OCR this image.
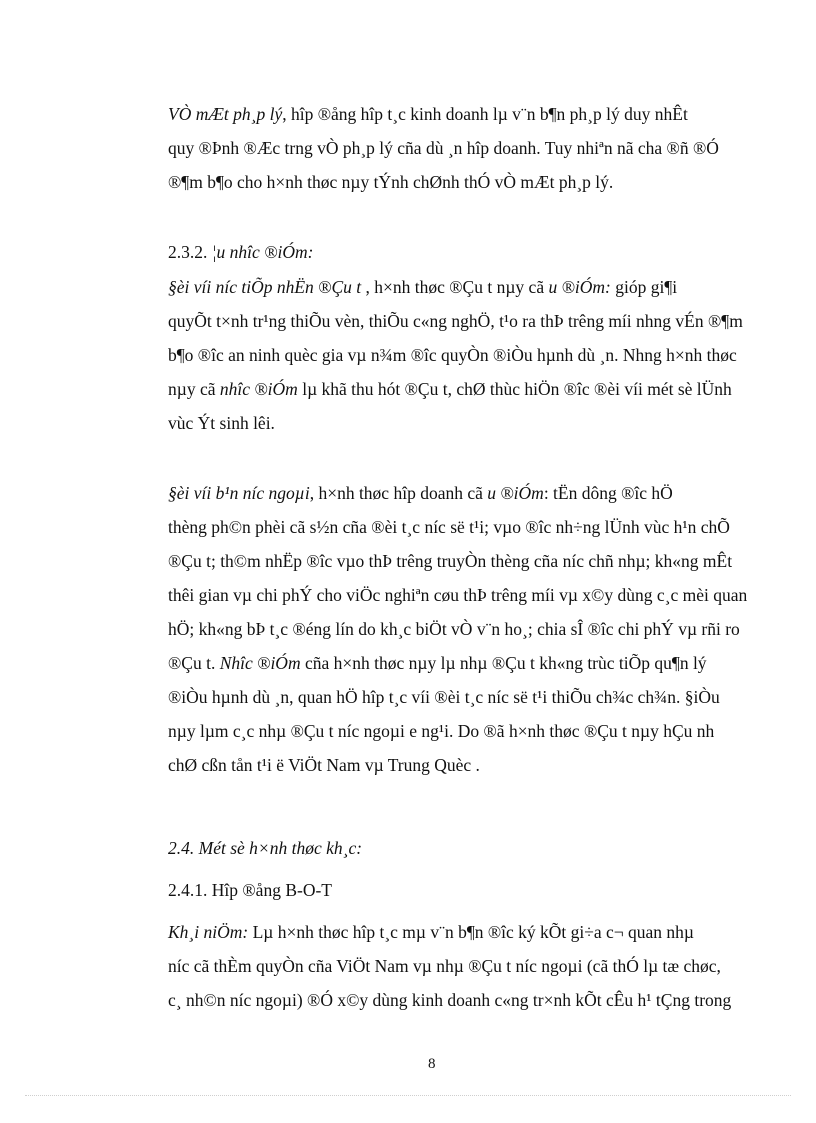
VÒ mÆt ph¸p lý, hîp ®ång hîp t¸c kinh doanh lµ v¨n b¶n ph¸p lý duy nhÊt
quy ®Þnh ®Æc trng vÒ ph¸p lý cña dù ¸n hîp doanh. Tuy nhiªn nã cha ®ñ ®Ó
®¶m b¶o cho h×nh thøc nµy tÝnh chØnh thÓ vÒ mÆt ph¸p lý.
2.3.2. ¦u nhîc ®iÓm:
§èi víi níc tiÕp nhËn ®Çu t , h×nh thøc ®Çu t nµy cã u ®iÓm: gióp gi¶i
quyÕt t×nh tr¹ng thiÕu vèn, thiÕu c«ng nghÖ, t¹o ra thÞ trêng míi nhng vÉn ®¶m
b¶o ®îc an ninh quèc gia vµ n¾m ®îc quyÒn ®iÒu hµnh dù ¸n. Nhng h×nh thøc
nµy cã nhîc ®iÓm lµ khã thu hót ®Çu t, chØ thùc hiÖn ®îc ®èi víi mét sè lÜnh
vùc Ýt sinh lêi.
§èi víi b¹n níc ngoµi, h×nh thøc hîp doanh cã u ®iÓm: tËn dông ®îc hÖ
thèng ph©n phèi cã s½n cña ®èi t¸c níc së t¹i; vµo ®îc nh÷ng lÜnh vùc h¹n chÕ
®Çu t; th©m nhËp ®îc vµo thÞ trêng truyÒn thèng cña níc chñ nhµ; kh«ng mÊt
thêi gian vµ chi phÝ cho viÖc nghiªn cøu thÞ trêng míi vµ x©y dùng c¸c mèi quan
hÖ; kh«ng bÞ t¸c ®éng lín do kh¸c biÖt vÒ v¨n ho¸; chia sÎ ®îc chi phÝ vµ rñi ro
®Çu t. Nhîc ®iÓm cña h×nh thøc nµy lµ nhµ ®Çu t kh«ng trùc tiÕp qu¶n lý
®iÒu hµnh dù ¸n, quan hÖ hîp t¸c víi ®èi t¸c níc së t¹i thiÕu ch¾c ch¾n. §iÒu
nµy lµm c¸c nhµ ®Çu t níc ngoµi e ng¹i. Do ®ã h×nh thøc ®Çu t nµy hÇu nh
chØ cßn tån t¹i ë ViÖt Nam vµ Trung Quèc .
2.4. Mét sè h×nh thøc kh¸c:
2.4.1. Hîp ®ång B-O-T
Kh¸i niÖm: Lµ h×nh thøc hîp t¸c mµ v¨n b¶n ®îc ký kÕt gi÷a c¬ quan nhµ
níc cã thÈm quyÒn cña ViÖt Nam vµ nhµ ®Çu t níc ngoµi (cã thÓ lµ tæ chøc,
c¸ nh©n níc ngoµi) ®Ó x©y dùng kinh doanh c«ng tr×nh kÕt cÊu h¹ tÇng trong
8
